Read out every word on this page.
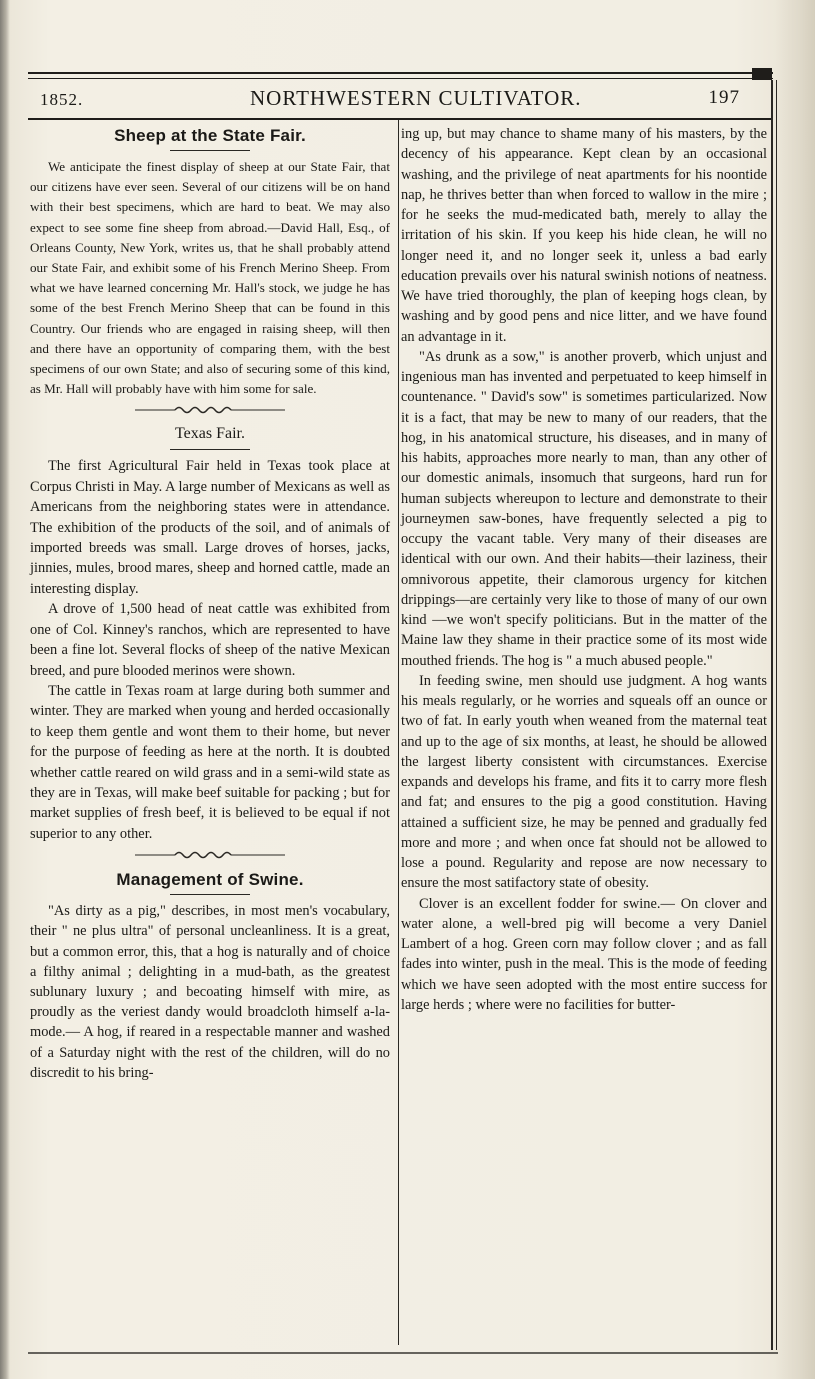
1852.	NORTHWESTERN CULTIVATOR.	197
Sheep at the State Fair.

We anticipate the finest display of sheep at our State Fair, that our citizens have ever seen. Several of our citizens will be on hand with their best specimens, which are hard to beat. We may also expect to see some fine sheep from abroad.—David Hall, Esq., of Orleans County, New York, writes us, that he shall probably attend our State Fair, and exhibit some of his French Merino Sheep. From what we have learned concerning Mr. Hall's stock, we judge he has some of the best French Merino Sheep that can be found in this Country. Our friends who are engaged in raising sheep, will then and there have an opportunity of comparing them, with the best specimens of our own State; and also of securing some of this kind, as Mr. Hall will probably have with him some for sale.

Texas Fair.

The first Agricultural Fair held in Texas took place at Corpus Christi in May. A large number of Mexicans as well as Americans from the neighboring states were in attendance. The exhibition of the products of the soil, and of animals of imported breeds was small. Large droves of horses, jacks, jinnies, mules, brood mares, sheep and horned cattle, made an interesting display.

A drove of 1,500 head of neat cattle was exhibited from one of Col. Kinney's ranchos, which are represented to have been a fine lot. Several flocks of sheep of the native Mexican breed, and pure blooded merinos were shown.

The cattle in Texas roam at large during both summer and winter. They are marked when young and herded occasionally to keep them gentle and wont them to their home, but never for the purpose of feeding as here at the north. It is doubted whether cattle reared on wild grass and in a semi-wild state as they are in Texas, will make beef suitable for packing ; but for market supplies of fresh beef, it is believed to be equal if not superior to any other.

Management of Swine.

"As dirty as a pig," describes, in most men's vocabulary, their " ne plus ultra" of personal uncleanliness. It is a great, but a common error, this, that a hog is naturally and of choice a filthy animal ; delighting in a mud-bath, as the greatest sublunary luxury ; and becoating himself with mire, as proudly as the veriest dandy would broadcloth himself a-la-mode.— A hog, if reared in a respectable manner and washed of a Saturday night with the rest of the children, will do no discredit to his bring-

ing up, but may chance to shame many of his masters, by the decency of his appearance. Kept clean by an occasional washing, and the privilege of neat apartments for his noontide nap, he thrives better than when forced to wallow in the mire ; for he seeks the mud-medicated bath, merely to allay the irritation of his skin. If you keep his hide clean, he will no longer need it, and no longer seek it, unless a bad early education prevails over his natural swinish notions of neatness. We have tried thoroughly, the plan of keeping hogs clean, by washing and by good pens and nice litter, and we have found an advantage in it.

"As drunk as a sow," is another proverb, which unjust and ingenious man has invented and perpetuated to keep himself in countenance. " David's sow" is sometimes particularized. Now it is a fact, that may be new to many of our readers, that the hog, in his anatomical structure, his diseases, and in many of his habits, approaches more nearly to man, than any other of our domestic animals, insomuch that surgeons, hard run for human subjects whereupon to lecture and demonstrate to their journeymen saw-bones, have frequently selected a pig to occupy the vacant table. Very many of their diseases are identical with our own. And their habits—their laziness, their omnivorous appetite, their clamorous urgency for kitchen drippings—are certainly very like to those of many of our own kind —we won't specify politicians. But in the matter of the Maine law they shame in their practice some of its most wide mouthed friends. The hog is " a much abused people."

In feeding swine, men should use judgment. A hog wants his meals regularly, or he worries and squeals off an ounce or two of fat. In early youth when weaned from the maternal teat and up to the age of six months, at least, he should be allowed the largest liberty consistent with circumstances. Exercise expands and develops his frame, and fits it to carry more flesh and fat; and ensures to the pig a good constitution. Having attained a sufficient size, he may be penned and gradually fed more and more ; and when once fat should not be allowed to lose a pound. Regularity and repose are now necessary to ensure the most satifactory state of obesity.

Clover is an excellent fodder for swine.— On clover and water alone, a well-bred pig will become a very Daniel Lambert of a hog. Green corn may follow clover ; and as fall fades into winter, push in the meal. This is the mode of feeding which we have seen adopted with the most entire success for large herds ; where were no facilities for butter-
